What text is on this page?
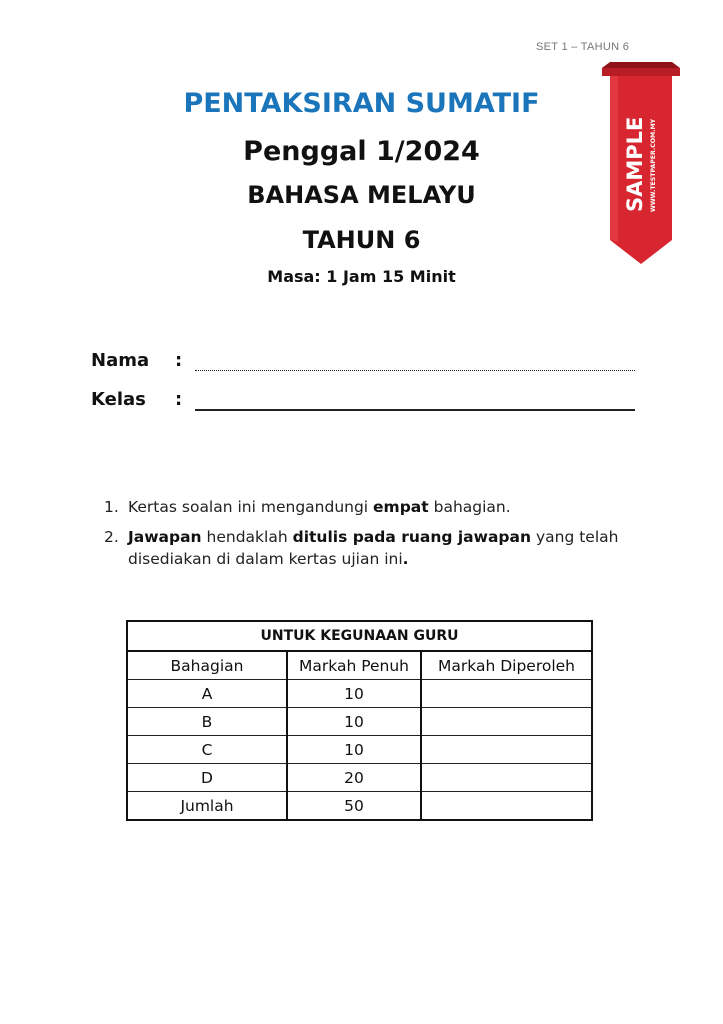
SET 1 – TAHUN 6
PENTAKSIRAN SUMATIF
Penggal 1/2024
BAHASA MELAYU
TAHUN 6
Masa: 1 Jam 15 Minit
SAMPLE WWW.TESTPAPER.COM.MY
Nama :
Kelas :
1. Kertas soalan ini mengandungi empat bahagian.
2. Jawapan hendaklah ditulis pada ruang jawapan yang telah disediakan di dalam kertas ujian ini.
UNTUK KEGUNAAN GURU		
Bahagian	Markah Penuh	Markah Diperoleh
A	10	
B	10	
C	10	
D	20	
Jumlah	50	
